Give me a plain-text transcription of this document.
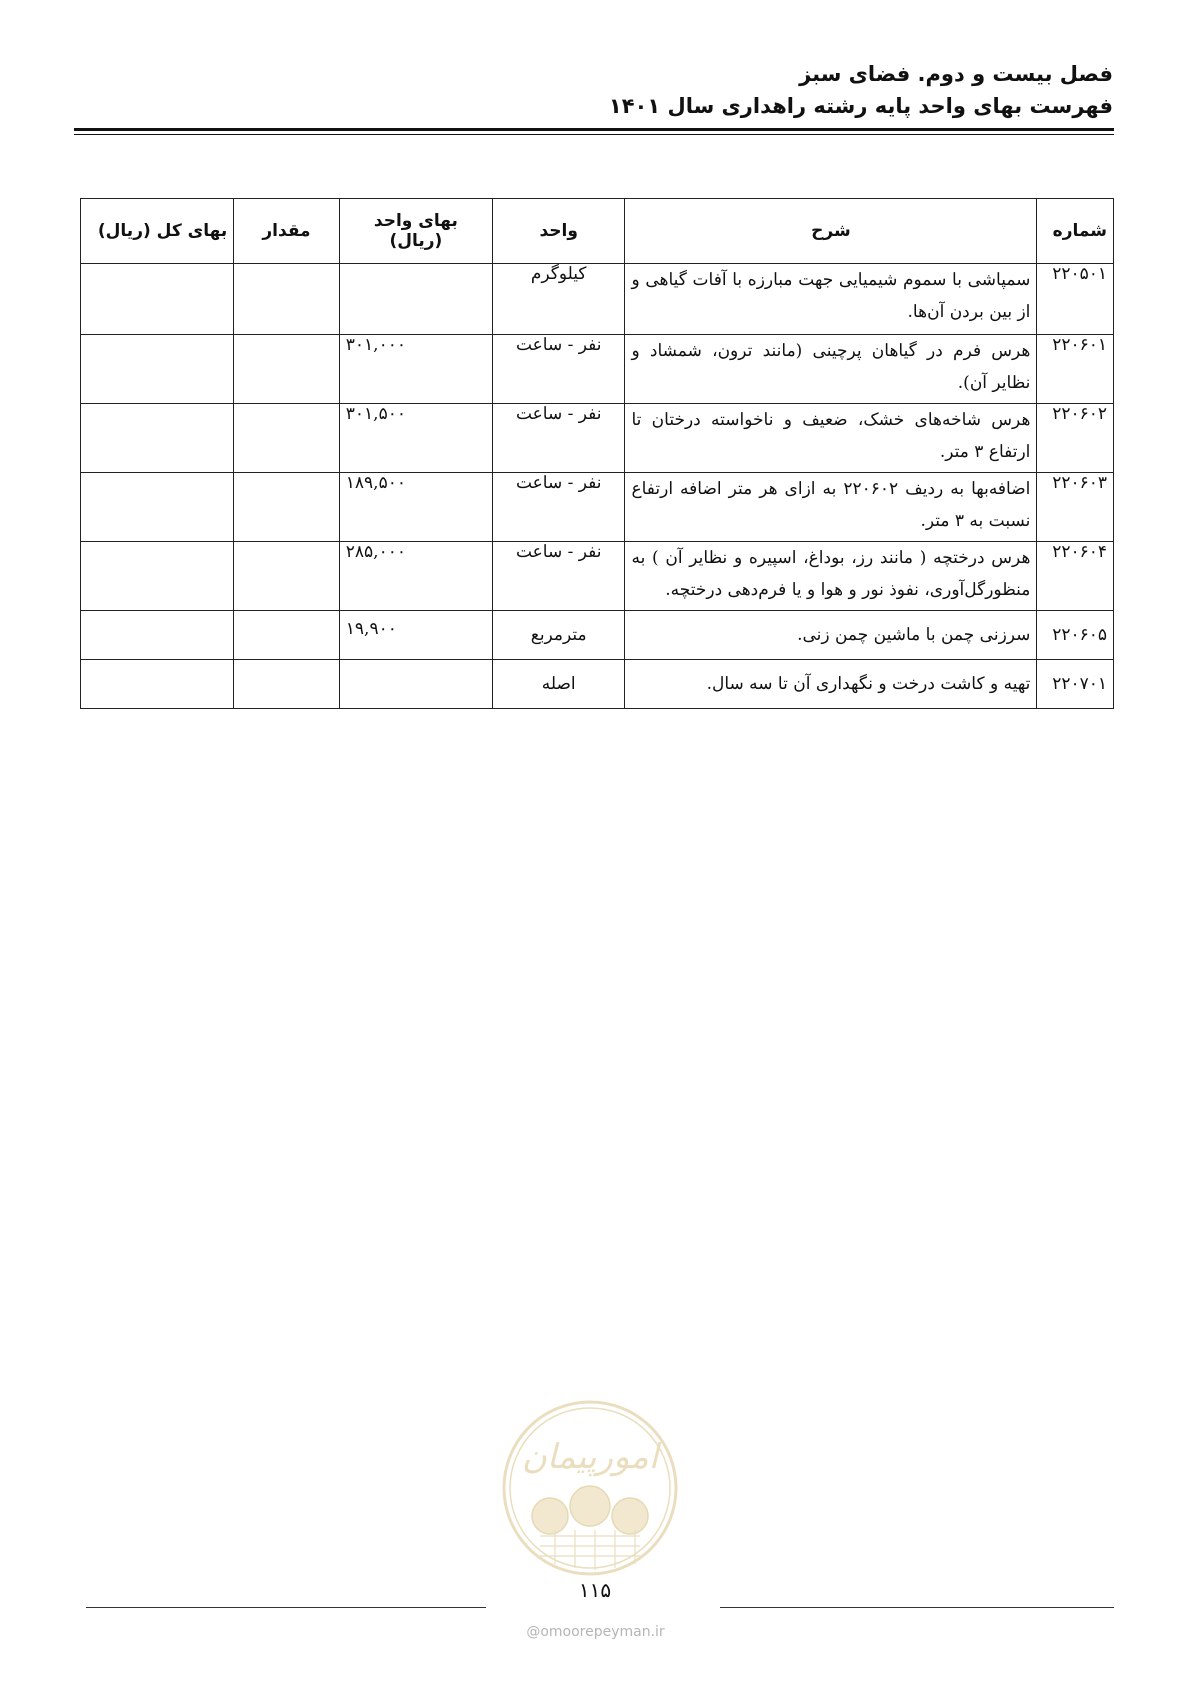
فصل بیست و دوم. فضای سبز
فهرست بهای واحد پایه رشته راهداری سال ۱۴۰۱
شماره	شرح	واحد	بهای واحد (ریال)	مقدار	بهای کل (ریال)
۲۲۰۵۰۱	سمپاشی با سموم شیمیایی جهت مبارزه با آفات گیاهی و از بین بردن آن‌ها.	کیلوگرم			
۲۲۰۶۰۱	هرس فرم در گیاهان پرچینی (مانند ترون، شمشاد و نظایر آن).	نفر - ساعت	۳۰۱,۰۰۰		
۲۲۰۶۰۲	هرس شاخه‌های خشک، ضعیف و ناخواسته درختان تا ارتفاع ۳ متر.	نفر - ساعت	۳۰۱,۵۰۰		
۲۲۰۶۰۳	اضافه‌بها به ردیف ۲۲۰۶۰۲ به ازای هر متر اضافه ارتفاع نسبت به ۳ متر.	نفر - ساعت	۱۸۹,۵۰۰		
۲۲۰۶۰۴	هرس درختچه ( مانند رز، بوداغ، اسپیره و نظایر آن ) به منظورگل‌آوری، نفوذ نور و هوا و یا فرم‌دهی درختچه.	نفر - ساعت	۲۸۵,۰۰۰		
۲۲۰۶۰۵	سرزنی چمن با ماشین چمن زنی.	مترمربع	۱۹,۹۰۰		
۲۲۰۷۰۱	تهیه و کاشت درخت و نگهداری آن تا سه سال.	اصله			
امورپیمان
۱۱۵
@omoorepeyman.ir
